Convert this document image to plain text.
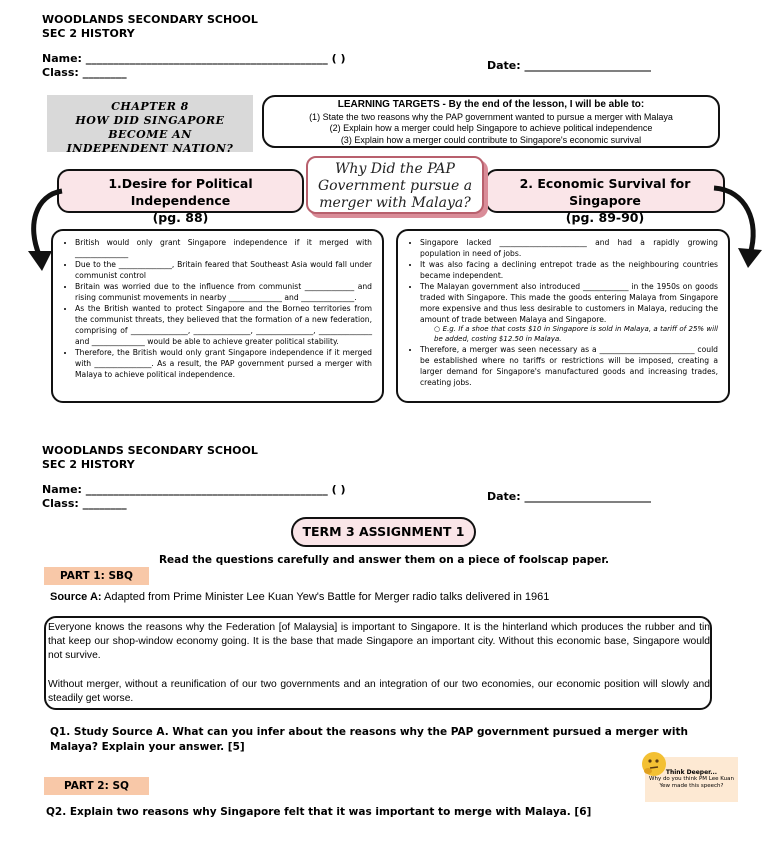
WOODLANDS SECONDARY SCHOOL
SEC 2 HISTORY
Name: ____________________________________________ ( )
Class: ________
Date: _______________________
CHAPTER 8
HOW DID SINGAPORE BECOME AN
INDEPENDENT NATION?
LEARNING TARGETS - By the end of the lesson, I will be able to:
(1) State the two reasons why the PAP government wanted to pursue a merger with Malaya
(2) Explain how a merger could help Singapore to achieve political independence
(3) Explain how a merger could contribute to Singapore's economic survival
1.Desire for Political Independence
(pg. 88)
2. Economic Survival for Singapore
(pg. 89-90)
Why Did the PAP
Government pursue a
merger with Malaya?
• British would only grant Singapore independence if it merged with ______________
• Due to the ______________, Britain feared that Southeast Asia would fall under communist control
• Britain was worried due to the influence from communist _____________ and rising communist movements in nearby ______________ and ______________.
• As the British wanted to protect Singapore and the Borneo territories from the communist threats, they believed that the formation of a new federation, comprising of _______________, _______________, _______________, ______________ and ______________ would be able to achieve greater political stability.
• Therefore, the British would only grant Singapore independence if it merged with _______________. As a result, the PAP government pursed a merger with Malaya to achieve political independence.
• Singapore lacked _______________________ and had a rapidly growing population in need of jobs.
• It was also facing a declining entrepot trade as the neighbouring countries became independent.
• The Malayan government also introduced ____________ in the 1950s on goods traded with Singapore. This made the goods entering Malaya from Singapore more expensive and thus less desirable to customers in Malaya, reducing the amount of trade between Malaya and Singapore.
○ E.g. If a shoe that costs $10 in Singapore is sold in Malaya, a tariff of 25% will be added, costing $12.50 in Malaya.
• Therefore, a merger was seen necessary as a _________________________ could be established where no tariffs or restrictions will be imposed, creating a larger demand for Singapore's manufactured goods and increasing trades, creating jobs.
WOODLANDS SECONDARY SCHOOL
SEC 2 HISTORY
Name: ____________________________________________ ( )
Class: ________
Date: _______________________
TERM 3 ASSIGNMENT 1
Read the questions carefully and answer them on a piece of foolscap paper.
PART 1: SBQ
Source A: Adapted from Prime Minister Lee Kuan Yew's Battle for Merger radio talks delivered in 1961

Everyone knows the reasons why the Federation [of Malaysia] is important to Singapore. It is the hinterland which produces the rubber and tin that keep our shop-window economy going. It is the base that made Singapore an important city. Without this economic base, Singapore would not survive.

Without merger, without a reunification of our two governments and an integration of our two economies, our economic position will slowly and steadily get worse.

Q1. Study Source A. What can you infer about the reasons why the PAP government pursued a merger with Malaya? Explain your answer. [5]
PART 2: SQ
Q2. Explain two reasons why Singapore felt that it was important to merge with Malaya. [6]
Think Deeper...
Why do you think PM Lee Kuan Yew made this speech?
